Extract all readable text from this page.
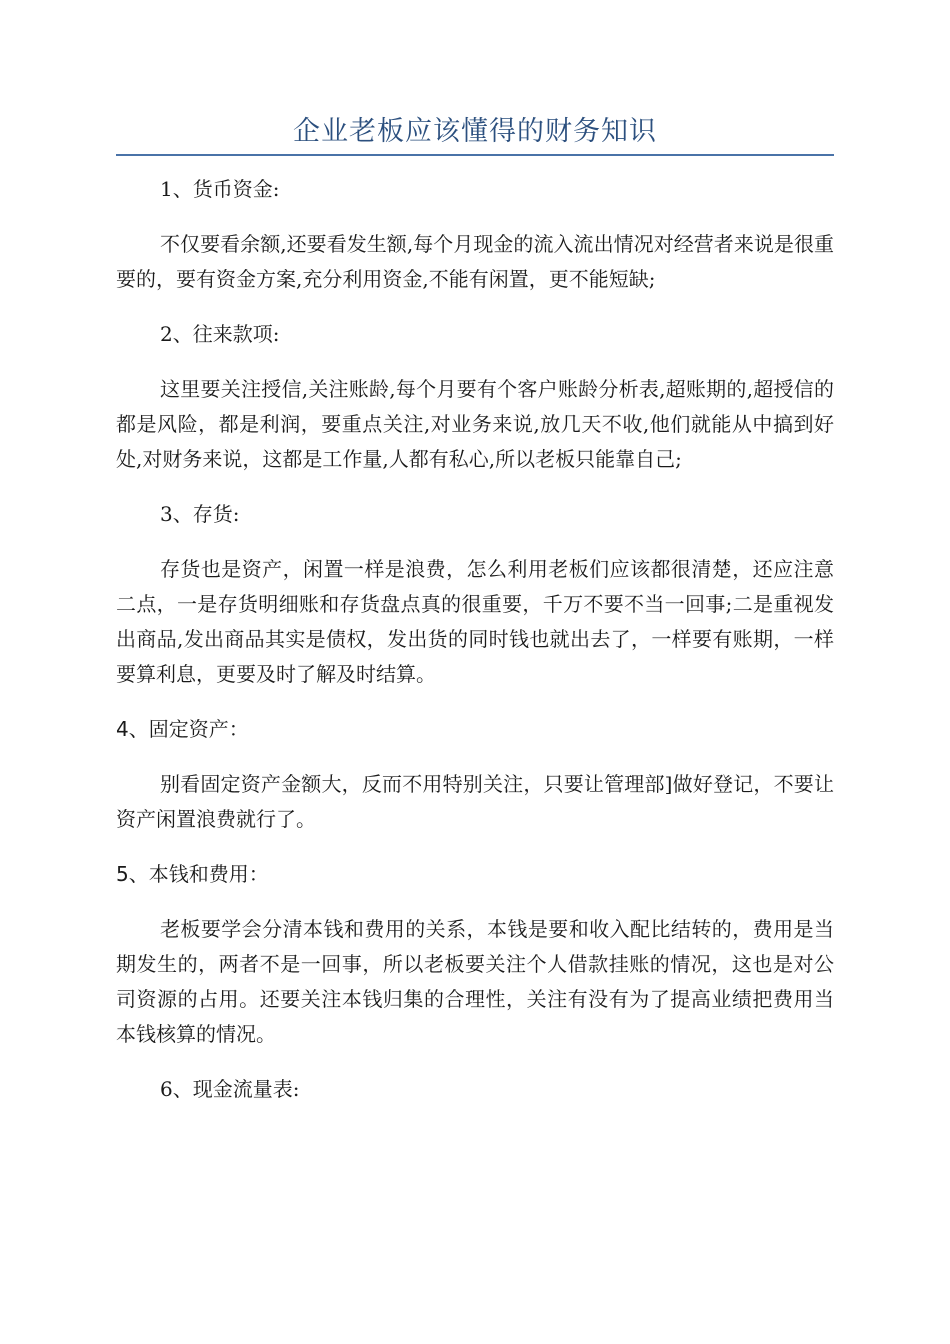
企业老板应该懂得的财务知识
1、货币资金:
不仅要看余额,还要看发生额,每个月现金的流入流出情况对经营者来说是很重要的，要有资金方案,充分利用资金,不能有闲置，更不能短缺;
2、往来款项:
这里要关注授信,关注账龄,每个月要有个客户账龄分析表,超账期的,超授信的都是风险，都是利润，要重点关注,对业务来说,放几天不收,他们就能从中搞到好处,对财务来说，这都是工作量,人都有私心,所以老板只能靠自己;
3、存货:
存货也是资产，闲置一样是浪费，怎么利用老板们应该都很清楚，还应注意二点，一是存货明细账和存货盘点真的很重要，千万不要不当一回事;二是重视发出商品,发出商品其实是债权，发出货的同时钱也就出去了，一样要有账期，一样要算利息，更要及时了解及时结算。
4、固定资产：
别看固定资产金额大，反而不用特别关注，只要让管理部]做好登记，不要让资产闲置浪费就行了。
5、本钱和费用：
老板要学会分清本钱和费用的关系，本钱是要和收入配比结转的，费用是当期发生的，两者不是一回事，所以老板要关注个人借款挂账的情况，这也是对公司资源的占用。还要关注本钱归集的合理性，关注有没有为了提高业绩把费用当本钱核算的情况。
6、现金流量表:
